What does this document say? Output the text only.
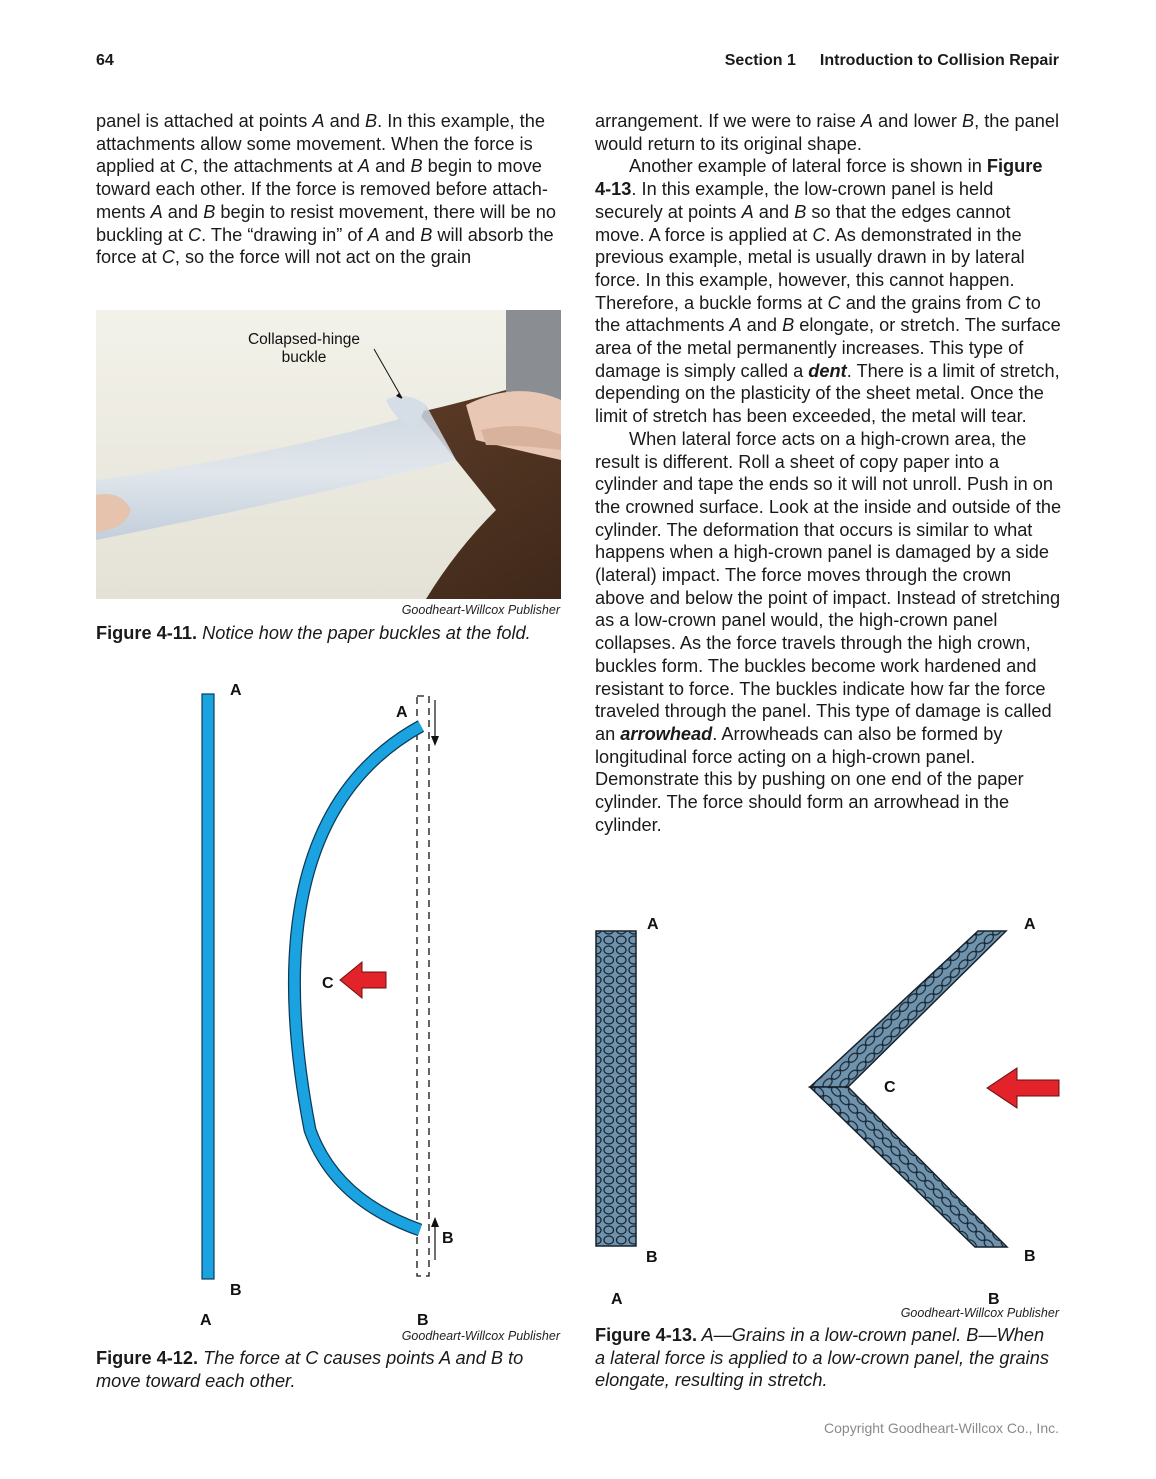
64	Section 1 Introduction to Collision Repair

panel is attached at points A and B. In this example, the attachments allow some movement. When the force is applied at C, the attachments at A and B begin to move toward each other. If the force is removed before attachments A and B begin to resist movement, there will be no buckling at C. The “drawing in” of A and B will absorb the force at C, so the force will not act on the grain

Collapsed-hinge
buckle
Goodheart-Willcox Publisher
Figure 4-11. Notice how the paper buckles at the fold.
A
B
A
B
C
A	B
Goodheart-Willcox Publisher
Figure 4-12. The force at C causes points A and B to move toward each other.

arrangement. If we were to raise A and lower B, the panel would return to its original shape.

Another example of lateral force is shown in Figure 4-13. In this example, the low-crown panel is held securely at points A and B so that the edges cannot move. A force is applied at C. As demonstrated in the previous example, metal is usually drawn in by lateral force. In this example, however, this cannot happen. Therefore, a buckle forms at C and the grains from C to the attachments A and B elongate, or stretch. The surface area of the metal permanently increases. This type of damage is simply called a dent. There is a limit of stretch, depending on the plasticity of the sheet metal. Once the limit of stretch has been exceeded, the metal will tear.

When lateral force acts on a high-crown area, the result is different. Roll a sheet of copy paper into a cylinder and tape the ends so it will not unroll. Push in on the crowned surface. Look at the inside and outside of the cylinder. The deformation that occurs is similar to what happens when a high-crown panel is damaged by a side (lateral) impact. The force moves through the crown above and below the point of impact. Instead of stretching as a low-crown panel would, the high-crown panel collapses. As the force travels through the high crown, buckles form. The buckles become work hardened and resistant to force. The buckles indicate how far the force traveled through the panel. This type of damage is called an arrowhead. Arrowheads can also be formed by longitudinal force acting on a high-crown panel. Demonstrate this by pushing on one end of the paper cylinder. The force should form an arrowhead in the cylinder.

A
B
A
B
C
A	B
Goodheart-Willcox Publisher
Figure 4-13. A—Grains in a low-crown panel. B—When a lateral force is applied to a low-crown panel, the grains elongate, resulting in stretch.
Copyright Goodheart-Willcox Co., Inc.
